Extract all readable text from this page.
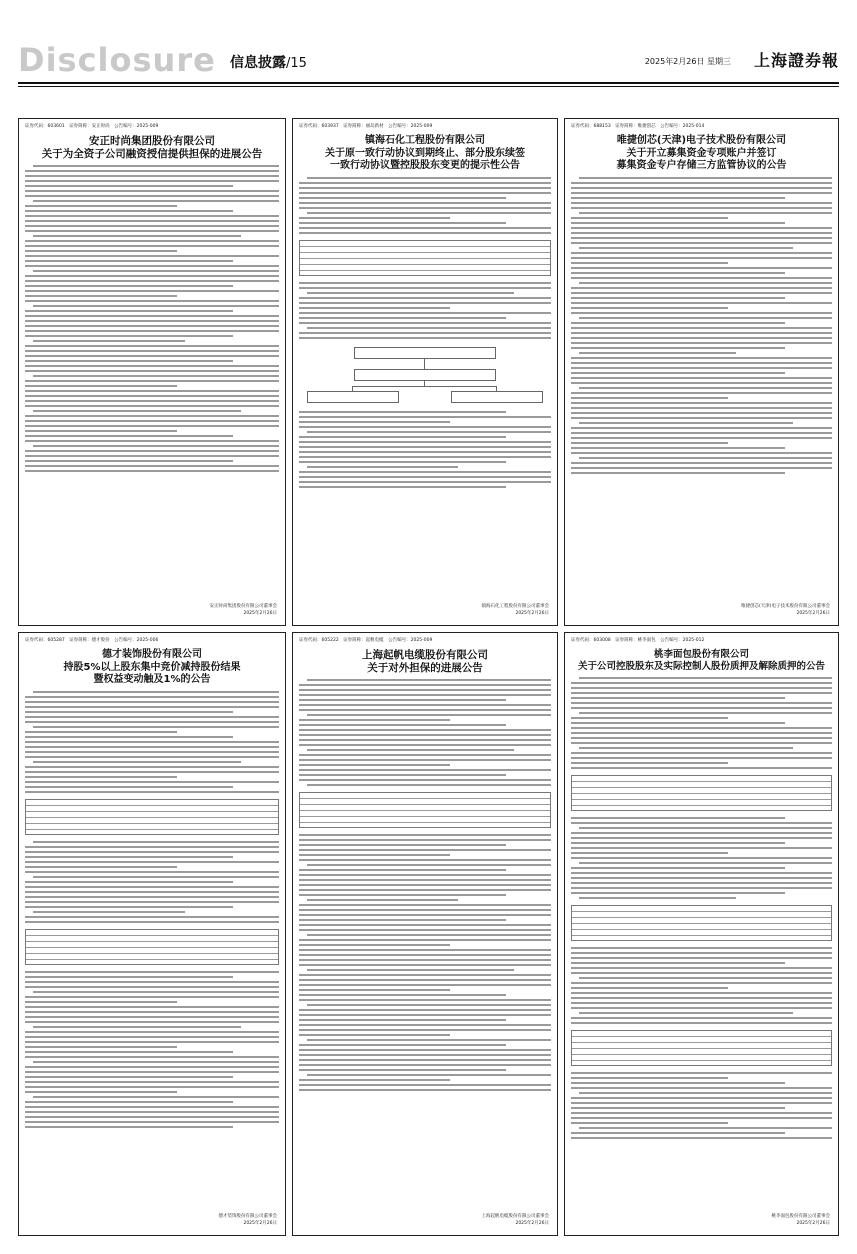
Disclosure 信息披露/15	2025年2月26日 星期三 上海證券報
证券代码：603601　证券简称：安正时尚　公告编号：2025-009
安正时尚集团股份有限公司
关于为全资子公司融资授信提供担保的进展公告
安正时尚集团股份有限公司董事会
2025年2月26日
证券代码：603937　证券简称：丽岛新材　公告编号：2025-009
镇海石化工程股份有限公司
关于原一致行动协议到期终止、部分股东续签
一致行动协议暨控股股东变更的提示性公告
镇海石化工程股份有限公司董事会
2025年2月26日
证券代码：688153　证券简称：唯捷创芯　公告编号：2025-014
唯捷创芯(天津)电子技术股份有限公司
关于开立募集资金专项账户并签订
募集资金专户存储三方监管协议的公告
唯捷创芯(天津)电子技术股份有限公司董事会
2025年2月26日
证券代码：605287　证券简称：德才股份　公告编号：2025-006
德才装饰股份有限公司
持股5%以上股东集中竞价减持股份结果
暨权益变动触及1%的公告
德才装饰股份有限公司董事会
2025年2月26日
证券代码：605222　证券简称：起帆电缆　公告编号：2025-009
上海起帆电缆股份有限公司
关于对外担保的进展公告
上海起帆电缆股份有限公司董事会
2025年2月26日
证券代码：603008　证券简称：桃李面包　公告编号：2025-012
桃李面包股份有限公司
关于公司控股股东及实际控制人股份质押及解除质押的公告
桃李面包股份有限公司董事会
2025年2月26日
